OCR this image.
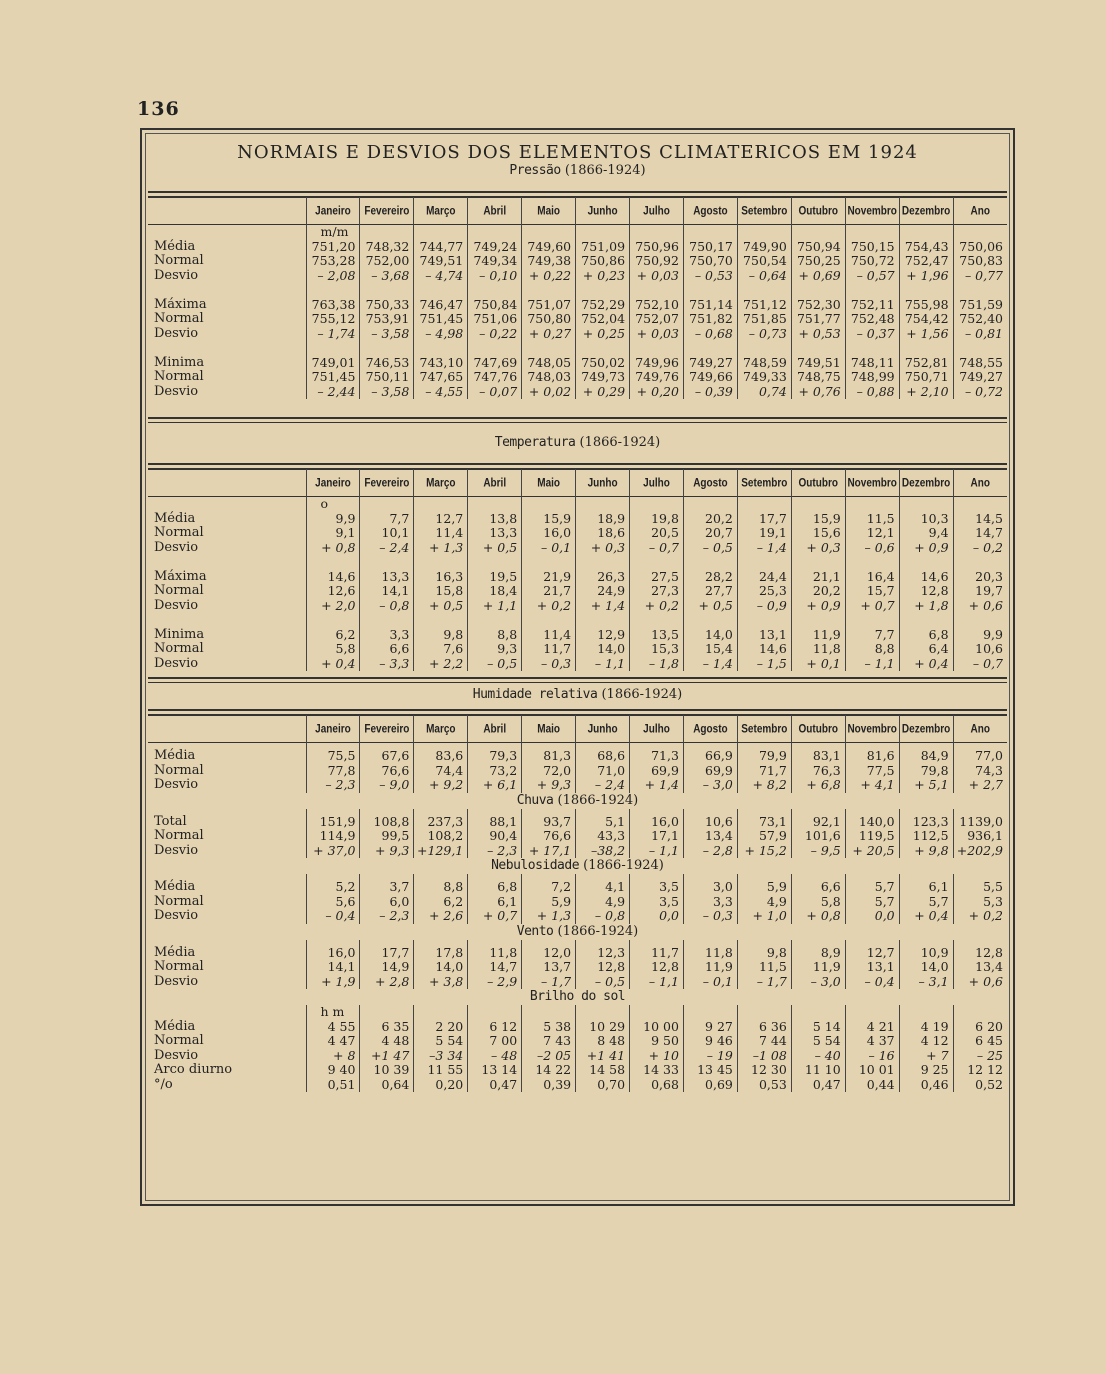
136
NORMAIS E DESVIOS DOS ELEMENTOS CLIMATERICOS EM 1924
Pressão (1866-1924)
	Janeiro	Fevereiro	Março	Abril	Maio	Junho	Julho	Agosto	Setembro	Outubro	Novembro	Dezembro	Ano
	m/m												
Média	751,20	748,32	744,77	749,24	749,60	751,09	750,96	750,17	749,90	750,94	750,15	754,43	750,06
Normal	753,28	752,00	749,51	749,34	749,38	750,86	750,92	750,70	750,54	750,25	750,72	752,47	750,83
Desvio	– 2,08	– 3,68	– 4,74	– 0,10	+ 0,22	+ 0,23	+ 0,03	– 0,53	– 0,64	+ 0,69	– 0,57	+ 1,96	– 0,77

Máxima	763,38	750,33	746,47	750,84	751,07	752,29	752,10	751,14	751,12	752,30	752,11	755,98	751,59
Normal	755,12	753,91	751,45	751,06	750,80	752,04	752,07	751,82	751,85	751,77	752,48	754,42	752,40
Desvio	– 1,74	– 3,58	– 4,98	– 0,22	+ 0,27	+ 0,25	+ 0,03	– 0,68	– 0,73	+ 0,53	– 0,37	+ 1,56	– 0,81

Minima	749,01	746,53	743,10	747,69	748,05	750,02	749,96	749,27	748,59	749,51	748,11	752,81	748,55
Normal	751,45	750,11	747,65	747,76	748,03	749,73	749,76	749,66	749,33	748,75	748,99	750,71	749,27
Desvio	– 2,44	– 3,58	– 4,55	– 0,07	+ 0,02	+ 0,29	+ 0,20	– 0,39	0,74	+ 0,76	– 0,88	+ 2,10	– 0,72
Temperatura (1866-1924)
	Janeiro	Fevereiro	Março	Abril	Maio	Junho	Julho	Agosto	Setembro	Outubro	Novembro	Dezembro	Ano
	o												
Média	9,9	7,7	12,7	13,8	15,9	18,9	19,8	20,2	17,7	15,9	11,5	10,3	14,5
Normal	9,1	10,1	11,4	13,3	16,0	18,6	20,5	20,7	19,1	15,6	12,1	9,4	14,7
Desvio	+ 0,8	– 2,4	+ 1,3	+ 0,5	– 0,1	+ 0,3	– 0,7	– 0,5	– 1,4	+ 0,3	– 0,6	+ 0,9	– 0,2

Máxima	14,6	13,3	16,3	19,5	21,9	26,3	27,5	28,2	24,4	21,1	16,4	14,6	20,3
Normal	12,6	14,1	15,8	18,4	21,7	24,9	27,3	27,7	25,3	20,2	15,7	12,8	19,7
Desvio	+ 2,0	– 0,8	+ 0,5	+ 1,1	+ 0,2	+ 1,4	+ 0,2	+ 0,5	– 0,9	+ 0,9	+ 0,7	+ 1,8	+ 0,6

Minima	6,2	3,3	9,8	8,8	11,4	12,9	13,5	14,0	13,1	11,9	7,7	6,8	9,9
Normal	5,8	6,6	7,6	9,3	11,7	14,0	15,3	15,4	14,6	11,8	8,8	6,4	10,6
Desvio	+ 0,4	– 3,3	+ 2,2	– 0,5	– 0,3	– 1,1	– 1,8	– 1,4	– 1,5	+ 0,1	– 1,1	+ 0,4	– 0,7
Humidade relativa (1866-1924)
	Janeiro	Fevereiro	Março	Abril	Maio	Junho	Julho	Agosto	Setembro	Outubro	Novembro	Dezembro	Ano

Média	75,5	67,6	83,6	79,3	81,3	68,6	71,3	66,9	79,9	83,1	81,6	84,9	77,0
Normal	77,8	76,6	74,4	73,2	72,0	71,0	69,9	69,9	71,7	76,3	77,5	79,8	74,3
Desvio	– 2,3	– 9,0	+ 9,2	+ 6,1	+ 9,3	– 2,4	+ 1,4	– 3,0	+ 8,2	+ 6,8	+ 4,1	+ 5,1	+ 2,7
Chuva (1866-1924)

Total	151,9	108,8	237,3	88,1	93,7	5,1	16,0	10,6	73,1	92,1	140,0	123,3	1139,0
Normal	114,9	99,5	108,2	90,4	76,6	43,3	17,1	13,4	57,9	101,6	119,5	112,5	936,1
Desvio	+ 37,0	+ 9,3	+129,1	– 2,3	+ 17,1	–38,2	– 1,1	– 2,8	+ 15,2	– 9,5	+ 20,5	+ 9,8	+202,9
Nebulosidade (1866-1924)

Média	5,2	3,7	8,8	6,8	7,2	4,1	3,5	3,0	5,9	6,6	5,7	6,1	5,5
Normal	5,6	6,0	6,2	6,1	5,9	4,9	3,5	3,3	4,9	5,8	5,7	5,7	5,3
Desvio	– 0,4	– 2,3	+ 2,6	+ 0,7	+ 1,3	– 0,8	0,0	– 0,3	+ 1,0	+ 0,8	0,0	+ 0,4	+ 0,2
Vento (1866-1924)

Média	16,0	17,7	17,8	11,8	12,0	12,3	11,7	11,8	9,8	8,9	12,7	10,9	12,8
Normal	14,1	14,9	14,0	14,7	13,7	12,8	12,8	11,9	11,5	11,9	13,1	14,0	13,4
Desvio	+ 1,9	+ 2,8	+ 3,8	– 2,9	– 1,7	– 0,5	– 1,1	– 0,1	– 1,7	– 3,0	– 0,4	– 3,1	+ 0,6
Brilho do sol
	h m												
Média	4 55	6 35	2 20	6 12	5 38	10 29	10 00	9 27	6 36	5 14	4 21	4 19	6 20
Normal	4 47	4 48	5 54	7 00	7 43	8 48	9 50	9 46	7 44	5 54	4 37	4 12	6 45
Desvio	+ 8	+1 47	–3 34	– 48	–2 05	+1 41	+ 10	– 19	–1 08	– 40	– 16	+ 7	– 25
Arco diurno	9 40	10 39	11 55	13 14	14 22	14 58	14 33	13 45	12 30	11 10	10 01	9 25	12 12
°/o	0,51	0,64	0,20	0,47	0,39	0,70	0,68	0,69	0,53	0,47	0,44	0,46	0,52
